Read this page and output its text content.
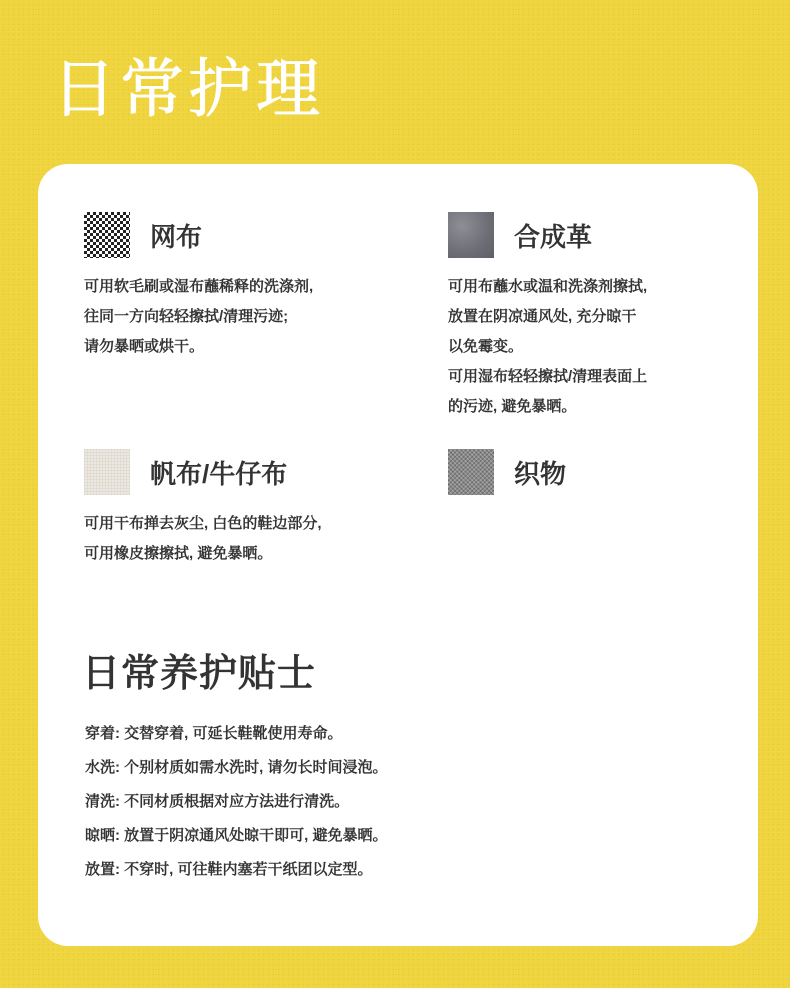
日常护理
网布
可用软毛刷或湿布蘸稀释的洗涤剂,
往同一方向轻轻擦拭/清理污迹;
请勿暴晒或烘干。
合成革
可用布蘸水或温和洗涤剂擦拭,
放置在阴凉通风处, 充分晾干
以免霉变。
可用湿布轻轻擦拭/清理表面上
的污迹, 避免暴晒。
帆布/牛仔布
可用干布掸去灰尘, 白色的鞋边部分,
可用橡皮擦擦拭, 避免暴晒。
织物
日常养护贴士
穿着: 交替穿着, 可延长鞋靴使用寿命。
水洗: 个别材质如需水洗时, 请勿长时间浸泡。
清洗: 不同材质根据对应方法进行清洗。
晾晒: 放置于阴凉通风处晾干即可, 避免暴晒。
放置: 不穿时, 可往鞋内塞若干纸团以定型。
